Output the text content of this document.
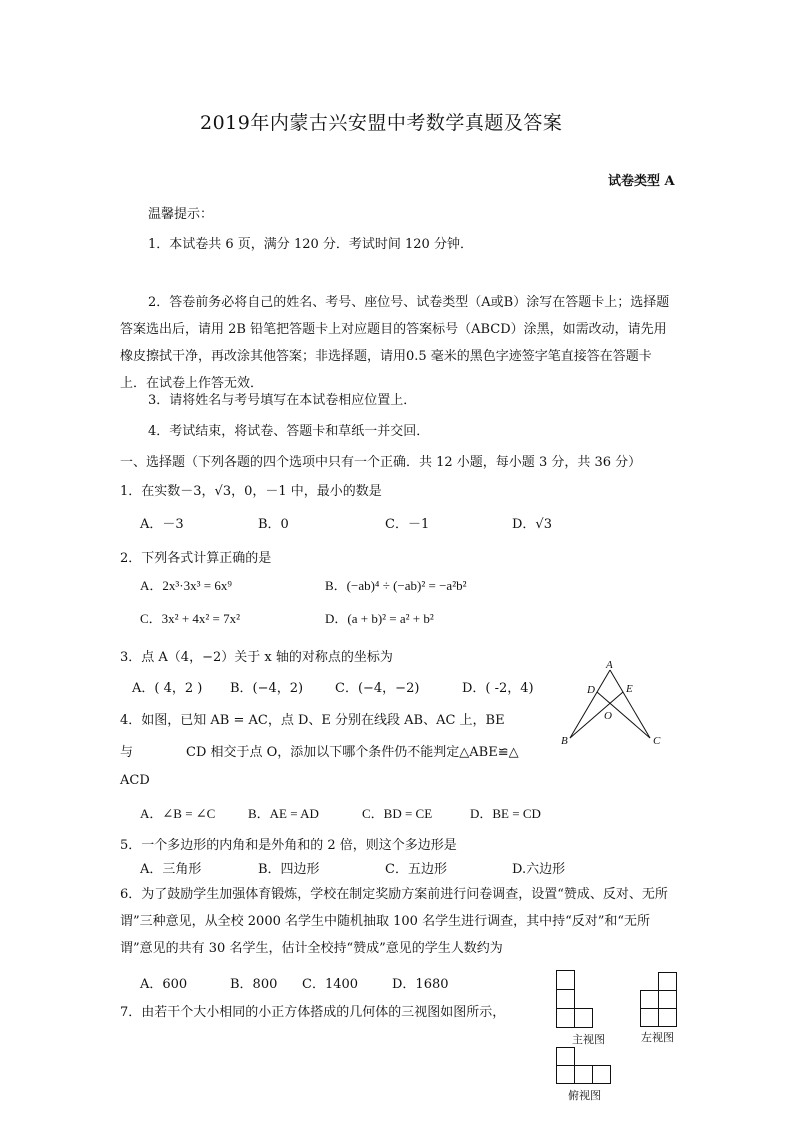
2019年内蒙古兴安盟中考数学真题及答案
试卷类型 A
温馨提示：
1．本试卷共 6 页，满分 120 分．考试时间 120 分钟．
2．答卷前务必将自己的姓名、考号、座位号、试卷类型（A或B）涂写在答题卡上；选择题答案选出后，请用 2B 铅笔把答题卡上对应题目的答案标号（ABCD）涂黑，如需改动，请先用橡皮擦拭干净，再改涂其他答案；非选择题，请用0.5 毫米的黑色字迹签字笔直接答在答题卡上．在试卷上作答无效．
3．请将姓名与考号填写在本试卷相应位置上．
4．考试结束，将试卷、答题卡和草纸一并交回．
一、选择题（下列各题的四个选项中只有一个正确．共 12 小题，每小题 3 分，共 36 分）
1．在实数－3，√3，0，－1 中，最小的数是
A．－3	B．0	C．－1	D．√3
2．下列各式计算正确的是
A．2x³·3x³ = 6x⁹	B．(−ab)⁴ ÷ (−ab)² = −a²b²
C．3x² + 4x² = 7x²	D．(a + b)² = a² + b²
3．点 A（4，−2）关于 x 轴的对称点的坐标为
A．( 4，2 ) B．(−4，2) C．(−4，−2)	D．( -2，4)
A
D	E
O
B	C
4．如图，已知 AB = AC，点 D、E 分别在线段 AB、AC 上，BE
与	CD 相交于点 O，添加以下哪个条件仍不能判定△ABE≌△
ACD
A．∠B = ∠C	B．AE = AD	C．BD = CE	D．BE = CD
5．一个多边形的内角和是外角和的 2 倍，则这个多边形是
A．三角形	B．四边形	C．五边形	D.六边形
6．为了鼓励学生加强体育锻炼，学校在制定奖励方案前进行问卷调查，设置“赞成、反对、无所谓”三种意见，从全校 2000 名学生中随机抽取 100 名学生进行调查，其中持“反对”和“无所谓”意见的共有 30 名学生，估计全校持“赞成”意见的学生人数约为
A．600	B．800 C．1400	D．1680
7．由若干个大小相同的小正方体搭成的几何体的三视图如图所示，
主视图	左视图
俯视图
